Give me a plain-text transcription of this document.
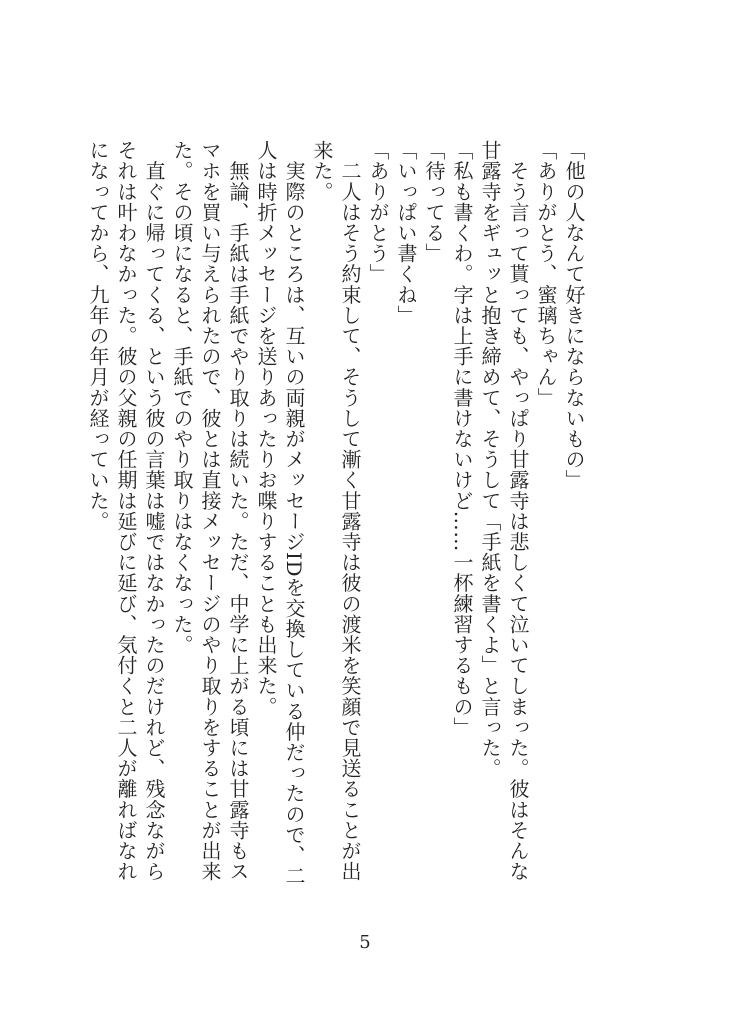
「他の人なんて好きにならないもの」
「ありがとう、蜜璃ちゃん」
　そう言って貰っても、やっぱり甘露寺は悲しくて泣いてしまった。彼はそんな
甘露寺をギュッと抱き締めて、そうして「手紙を書くよ」と言った。
「私も書くわ。字は上手に書けないけど……一杯練習するもの」
「待ってる」
「いっぱい書くね」
「ありがとう」
　二人はそう約束して、そうして漸く甘露寺は彼の渡米を笑顔で見送ることが出
来た。
　実際のところは、互いの両親がメッセージIDを交換している仲だったので、二
人は時折メッセージを送りあったりお喋りすることも出来た。
　無論、手紙は手紙でやり取りは続いた。ただ、中学に上がる頃には甘露寺もス
マホを買い与えられたので、彼とは直接メッセージのやり取りをすることが出来
た。その頃になると、手紙でのやり取りはなくなった。
　直ぐに帰ってくる、という彼の言葉は嘘ではなかったのだけれど、残念ながら
それは叶わなかった。彼の父親の任期は延びに延び、気付くと二人が離ればなれ
になってから、九年の年月が経っていた。
5
